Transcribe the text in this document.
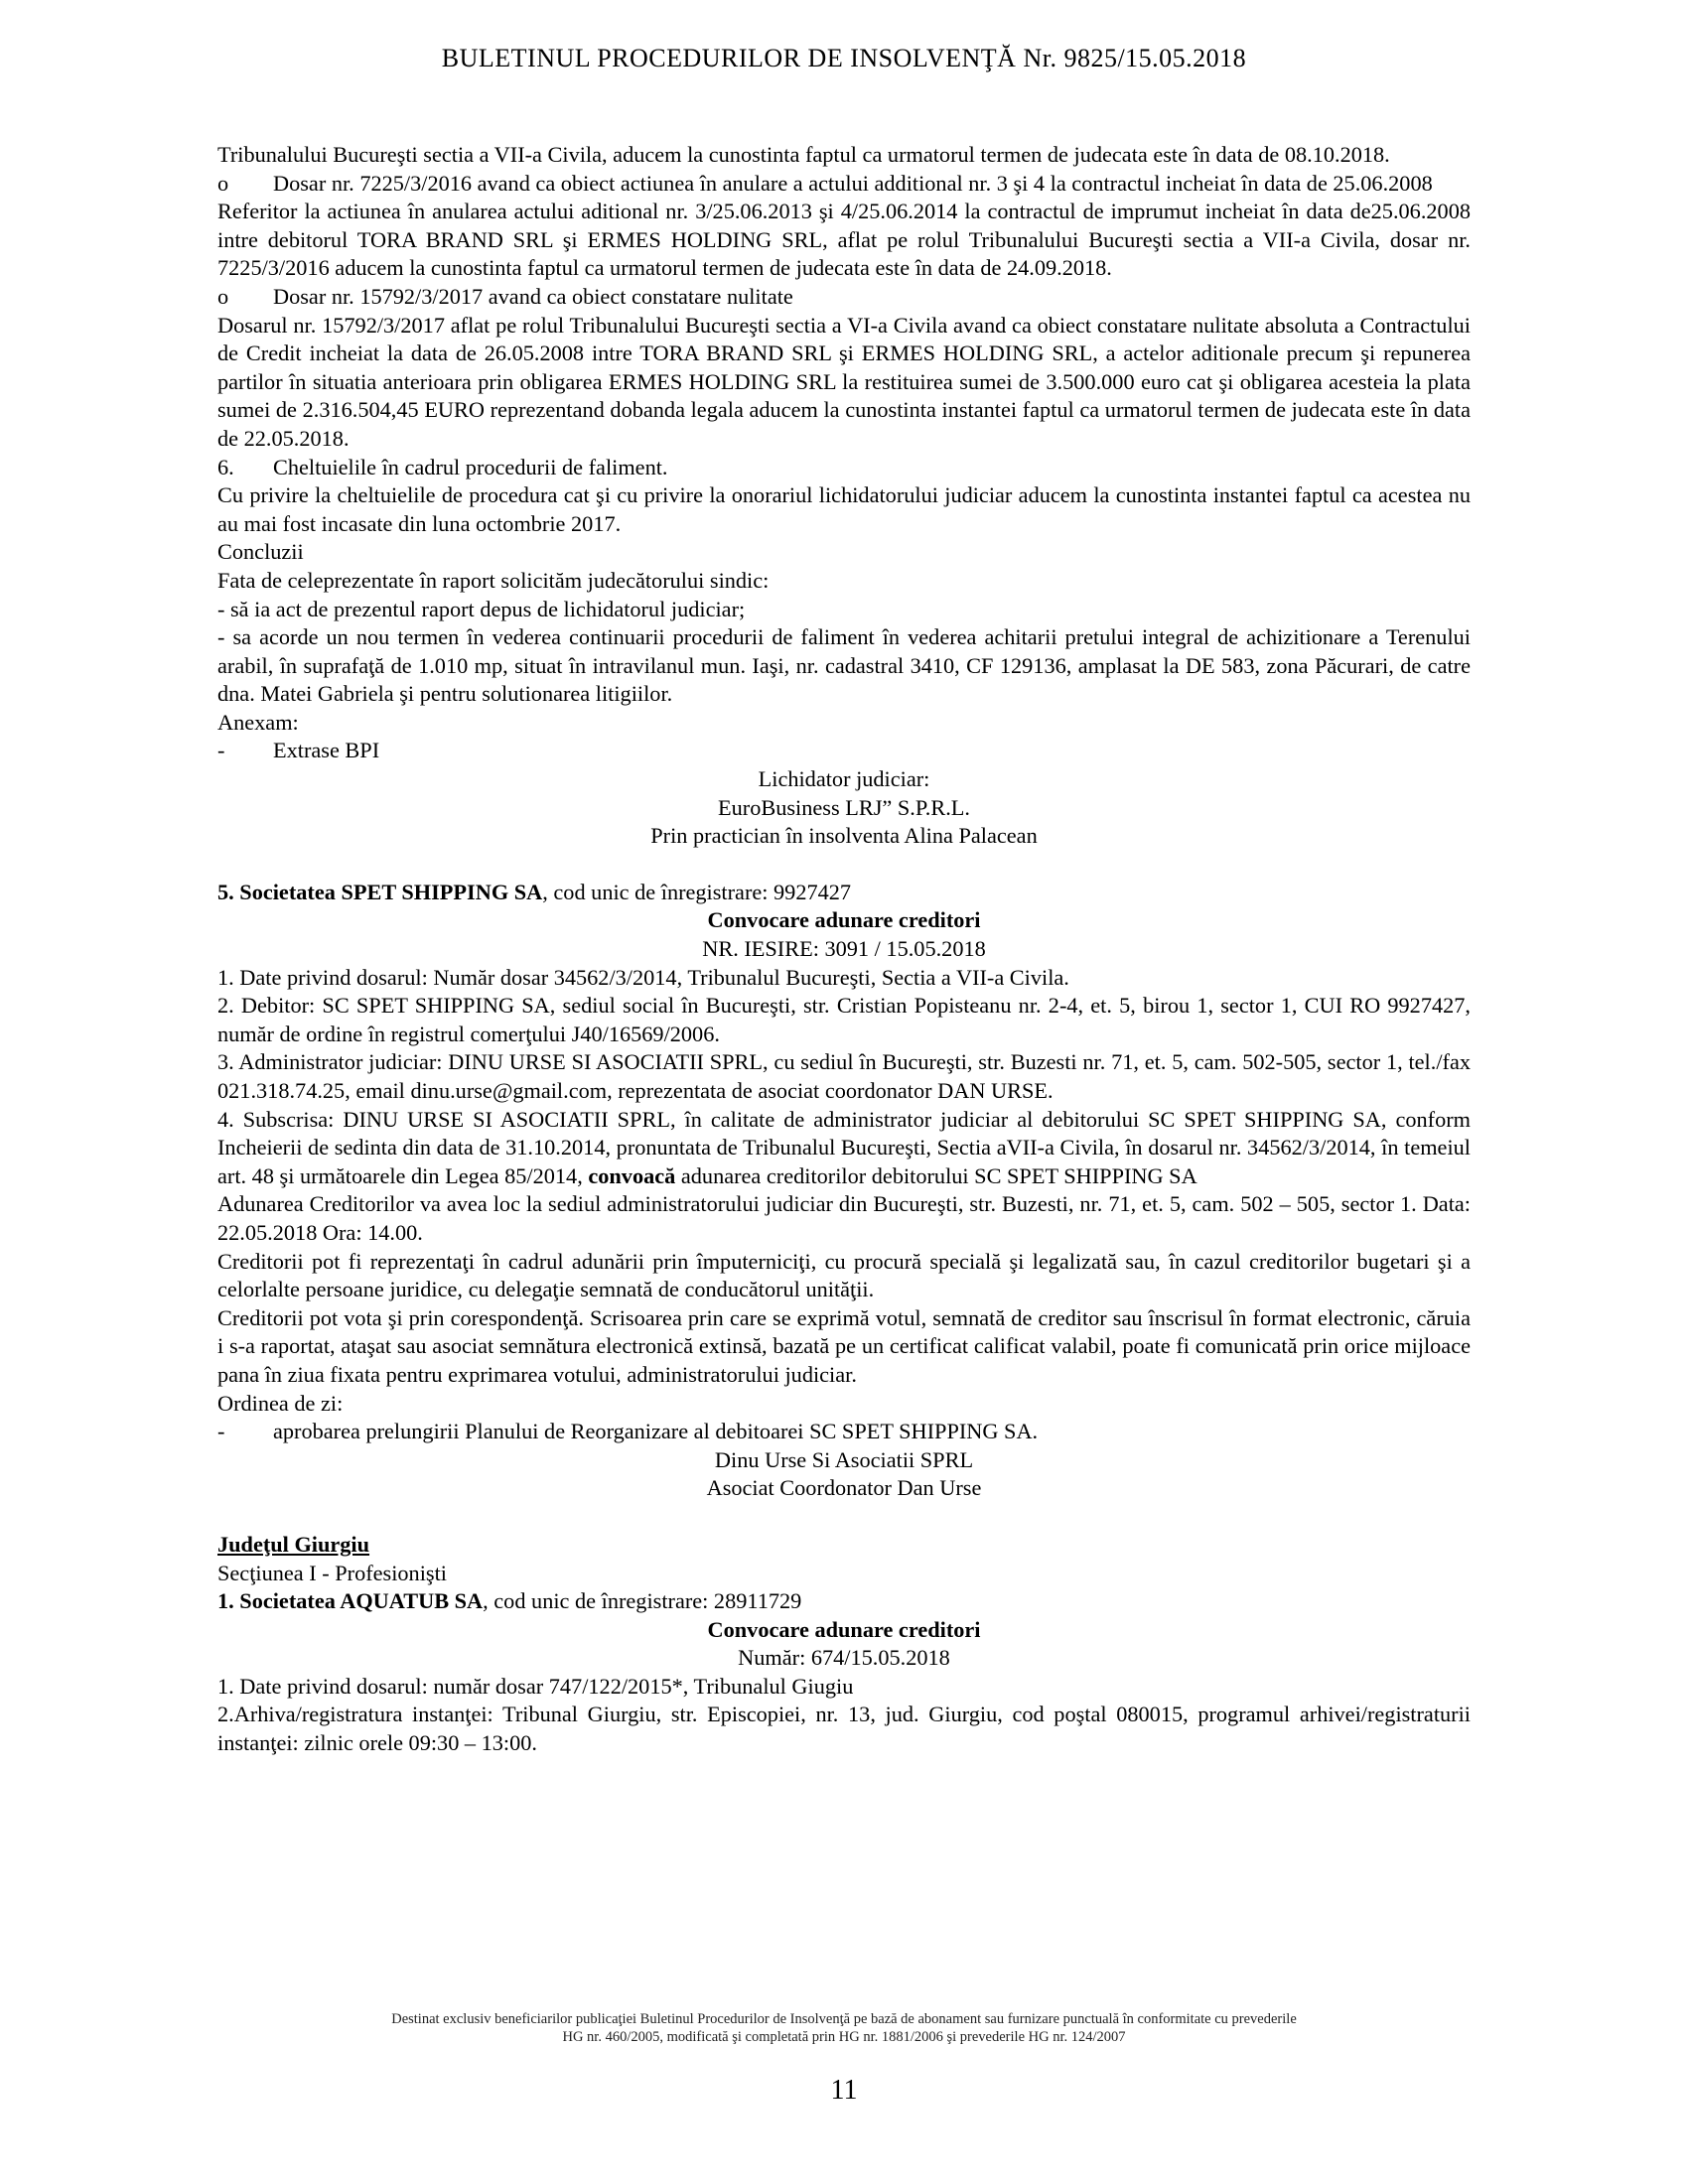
BULETINUL PROCEDURILOR DE INSOLVENŢĂ Nr. 9825/15.05.2018

Tribunalului Bucureşti sectia a VII-a Civila, aducem la cunostinta faptul ca urmatorul termen de judecata este în data de 08.10.2018.

o	Dosar nr. 7225/3/2016 avand ca obiect actiunea în anulare a actului additional nr. 3 şi 4 la contractul incheiat în data de 25.06.2008

Referitor la actiunea în anularea actului aditional nr. 3/25.06.2013 şi 4/25.06.2014 la contractul de imprumut incheiat în data de25.06.2008 intre debitorul TORA BRAND SRL şi ERMES HOLDING SRL, aflat pe rolul Tribunalului Bucureşti sectia a VII-a Civila, dosar nr. 7225/3/2016 aducem la cunostinta faptul ca urmatorul termen de judecata este în data de 24.09.2018.

o	Dosar nr. 15792/3/2017 avand ca obiect constatare nulitate

Dosarul nr. 15792/3/2017 aflat pe rolul Tribunalului Bucureşti sectia a VI-a Civila avand ca obiect constatare nulitate absoluta a Contractului de Credit incheiat la data de 26.05.2008 intre TORA BRAND SRL şi ERMES HOLDING SRL, a actelor aditionale precum şi repunerea partilor în situatia anterioara prin obligarea ERMES HOLDING SRL la restituirea sumei de 3.500.000 euro cat şi obligarea acesteia la plata sumei de 2.316.504,45 EURO reprezentand dobanda legala aducem la cunostinta instantei faptul ca urmatorul termen de judecata este în data de 22.05.2018.

6.	Cheltuielile în cadrul procedurii de faliment.

Cu privire la cheltuielile de procedura cat şi cu privire la onorariul lichidatorului judiciar aducem la cunostinta instantei faptul ca acestea nu au mai fost incasate din luna octombrie 2017.

Concluzii

Fata de celeprezentate în raport solicităm judecătorului sindic:

- să ia act de prezentul raport depus de lichidatorul judiciar;

- sa acorde un nou termen în vederea continuarii procedurii de faliment în vederea achitarii pretului integral de achizitionare a Terenului arabil, în suprafaţă de 1.010 mp, situat în intravilanul mun. Iaşi, nr. cadastral 3410, CF 129136, amplasat la DE 583, zona Păcurari, de catre dna. Matei Gabriela şi pentru solutionarea litigiilor.

Anexam:

-	Extrase BPI

Lichidator judiciar:

EuroBusiness LRJ” S.P.R.L.

Prin practician în insolventa Alina Palacean

5. Societatea SPET SHIPPING SA, cod unic de înregistrare: 9927427

Convocare adunare creditori

NR. IESIRE: 3091 / 15.05.2018

1. Date privind dosarul: Număr dosar 34562/3/2014, Tribunalul Bucureşti, Sectia a VII-a Civila.

2. Debitor: SC SPET SHIPPING SA, sediul social în Bucureşti, str. Cristian Popisteanu nr. 2-4, et. 5, birou 1, sector 1, CUI RO 9927427, număr de ordine în registrul comerţului J40/16569/2006.

3. Administrator judiciar: DINU URSE SI ASOCIATII SPRL, cu sediul în Bucureşti, str. Buzesti nr. 71, et. 5, cam. 502-505, sector 1, tel./fax 021.318.74.25, email dinu.urse@gmail.com, reprezentata de asociat coordonator DAN URSE.

4. Subscrisa: DINU URSE SI ASOCIATII SPRL, în calitate de administrator judiciar al debitorului SC SPET SHIPPING SA, conform Incheierii de sedinta din data de 31.10.2014, pronuntata de Tribunalul Bucureşti, Sectia aVII-a Civila, în dosarul nr. 34562/3/2014, în temeiul art. 48 şi următoarele din Legea 85/2014, convoacă adunarea creditorilor debitorului SC SPET SHIPPING SA

Adunarea Creditorilor va avea loc la sediul administratorului judiciar din Bucureşti, str. Buzesti, nr. 71, et. 5, cam. 502 – 505, sector 1. Data: 22.05.2018 Ora: 14.00.

Creditorii pot fi reprezentaţi în cadrul adunării prin împuterniciţi, cu procură specială şi legalizată sau, în cazul creditorilor bugetari şi a celorlalte persoane juridice, cu delegaţie semnată de conducătorul unităţii.

Creditorii pot vota şi prin corespondenţă. Scrisoarea prin care se exprimă votul, semnată de creditor sau înscrisul în format electronic, căruia i s-a raportat, ataşat sau asociat semnătura electronică extinsă, bazată pe un certificat calificat valabil, poate fi comunicată prin orice mijloace pana în ziua fixata pentru exprimarea votului, administratorului judiciar.

Ordinea de zi:

-	aprobarea prelungirii Planului de Reorganizare al debitoarei SC SPET SHIPPING SA.

Dinu Urse Si Asociatii SPRL

Asociat Coordonator Dan Urse

Judeţul Giurgiu

Secţiunea I - Profesionişti

1. Societatea AQUATUB SA, cod unic de înregistrare: 28911729

Convocare adunare creditori

Număr: 674/15.05.2018

1. Date privind dosarul: număr dosar 747/122/2015*, Tribunalul Giugiu

2.Arhiva/registratura instanţei: Tribunal Giurgiu, str. Episcopiei, nr. 13, jud. Giurgiu, cod poştal 080015, programul arhivei/registraturii instanţei: zilnic orele 09:30 – 13:00.

Destinat exclusiv beneficiarilor publicaţiei Buletinul Procedurilor de Insolvenţă pe bază de abonament sau furnizare punctuală în conformitate cu prevederile
HG nr. 460/2005, modificată şi completată prin HG nr. 1881/2006 şi prevederile HG nr. 124/2007
11
